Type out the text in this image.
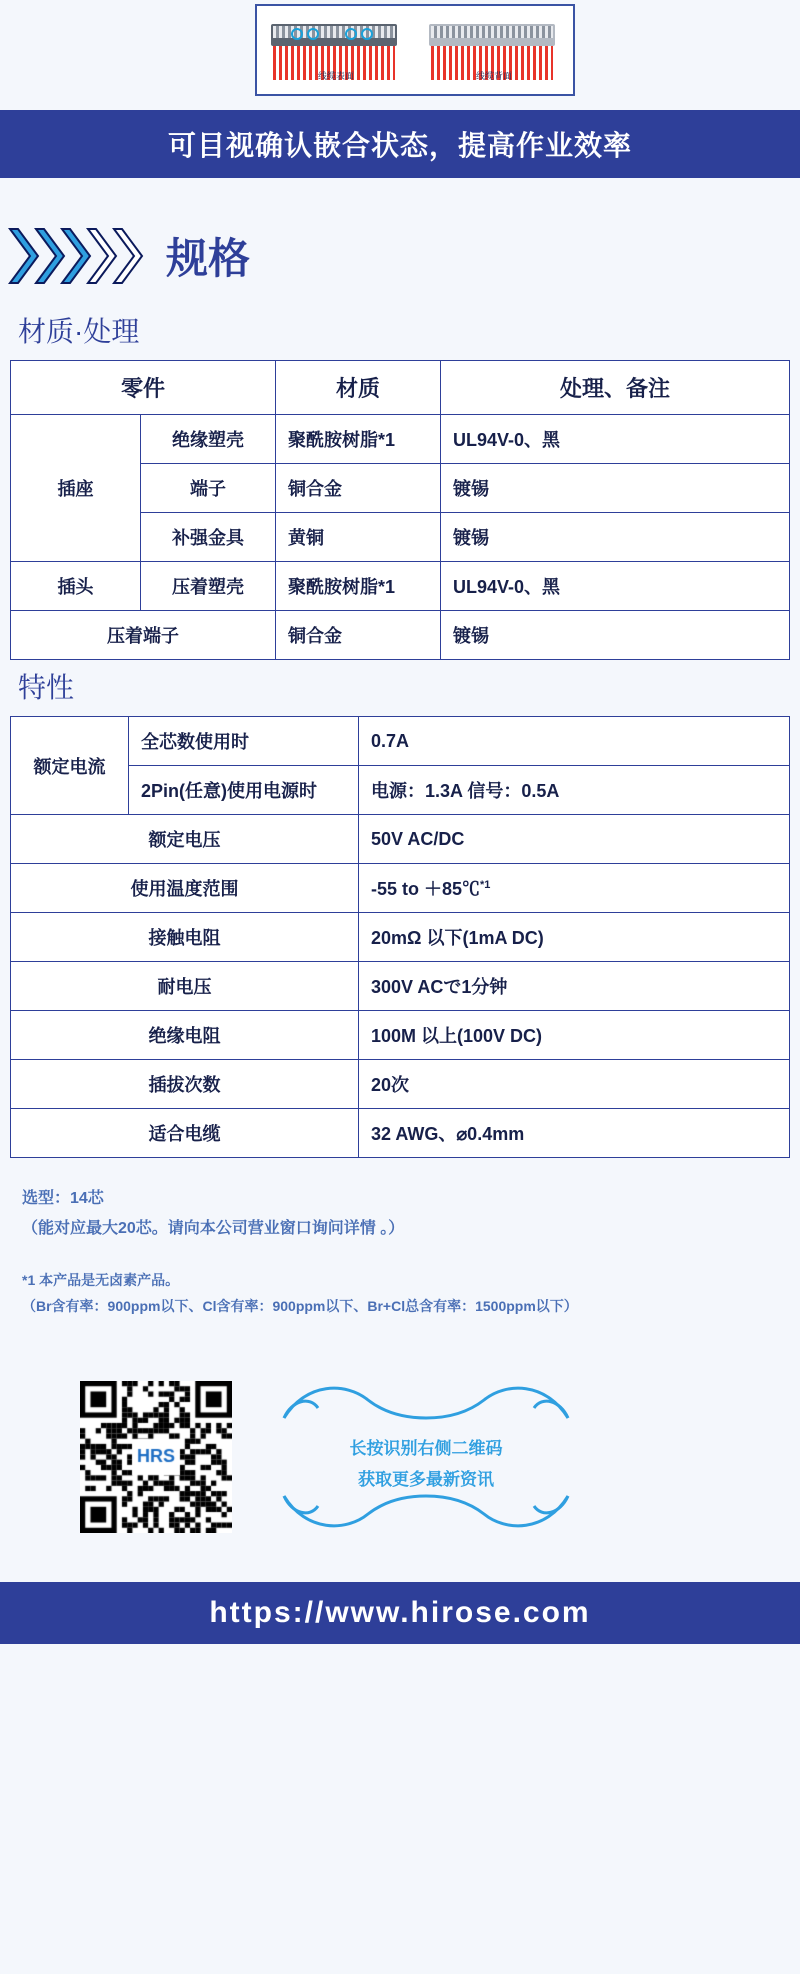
线缆表面	线缆背面
可目视确认嵌合状态，提高作业效率
规格
材质·处理
零件		材质	处理、备注
插座	绝缘塑壳	聚酰胺树脂*1	UL94V-0、黑
	端子	铜合金	镀锡
	补强金具	黄铜	镀锡
插头	压着塑壳	聚酰胺树脂*1	UL94V-0、黑
压着端子		铜合金	镀锡
特性
额定电流	全芯数使用时	0.7A
	2Pin(任意)使用电源时	电源：1.3A 信号：0.5A
额定电压		50V AC/DC
使用温度范围		-55 to ＋85℃$^{*1}$
接触电阻		20mΩ 以下(1mA DC)
耐电压		300V ACで1分钟
绝缘电阻		100M 以上(100V DC)
插拔次数		20次
适合电缆		32 AWG、⌀0.4mm
选型：14芯
（能对应最大20芯。请向本公司营业窗口询问详情 。）
*1 本产品是无卤素产品。
（Br含有率：900ppm以下、Cl含有率：900ppm以下、Br+Cl总含有率：1500ppm以下）
长按识别右侧二维码
获取更多最新资讯
https://www.hirose.com
